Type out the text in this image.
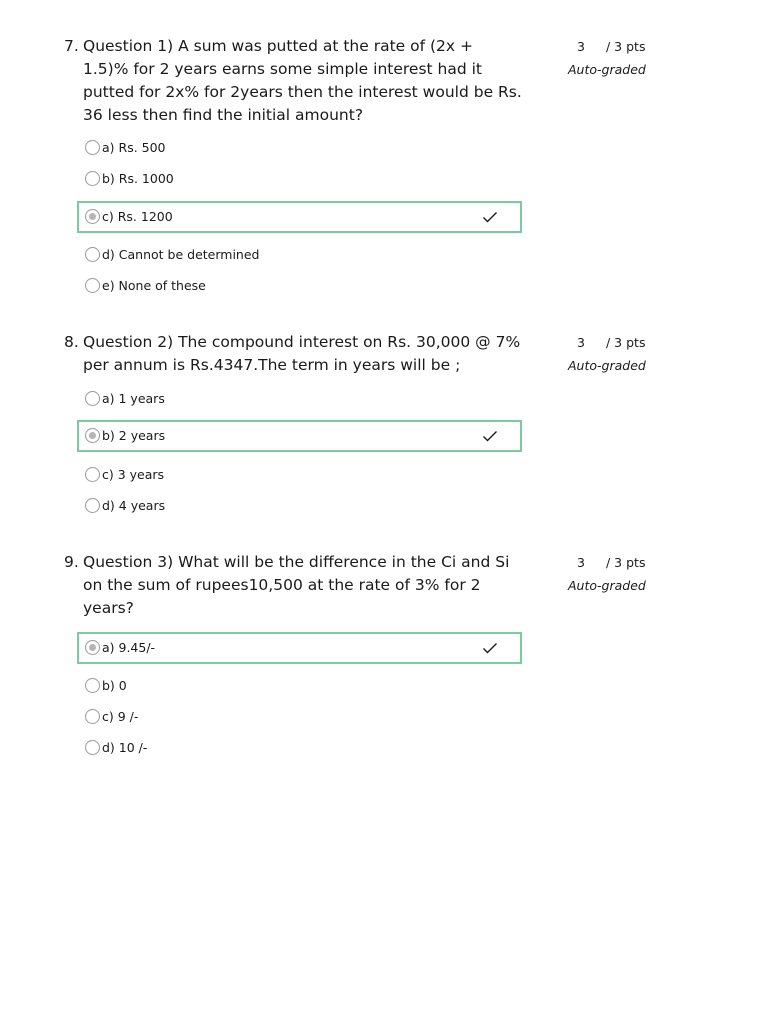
7. Question 1) A sum was putted at the rate of (2x + 1.5)% for 2 years earns some simple interest had it putted for 2x% for 2years then the interest would be Rs. 36 less then find the initial amount?
3 / 3 pts
Auto-graded
a) Rs. 500
b) Rs. 1000
c) Rs. 1200
d) Cannot be determined
e) None of these
8. Question 2) The compound interest on Rs. 30,000 @ 7% per annum is Rs.4347.The term in years will be ;
3 / 3 pts
Auto-graded
a) 1 years
b) 2 years
c) 3 years
d) 4 years
9. Question 3) What will be the difference in the Ci and Si on the sum of rupees10,500 at the rate of 3% for 2 years?
3 / 3 pts
Auto-graded
a) 9.45/-
b) 0
c) 9 /-
d) 10 /-
